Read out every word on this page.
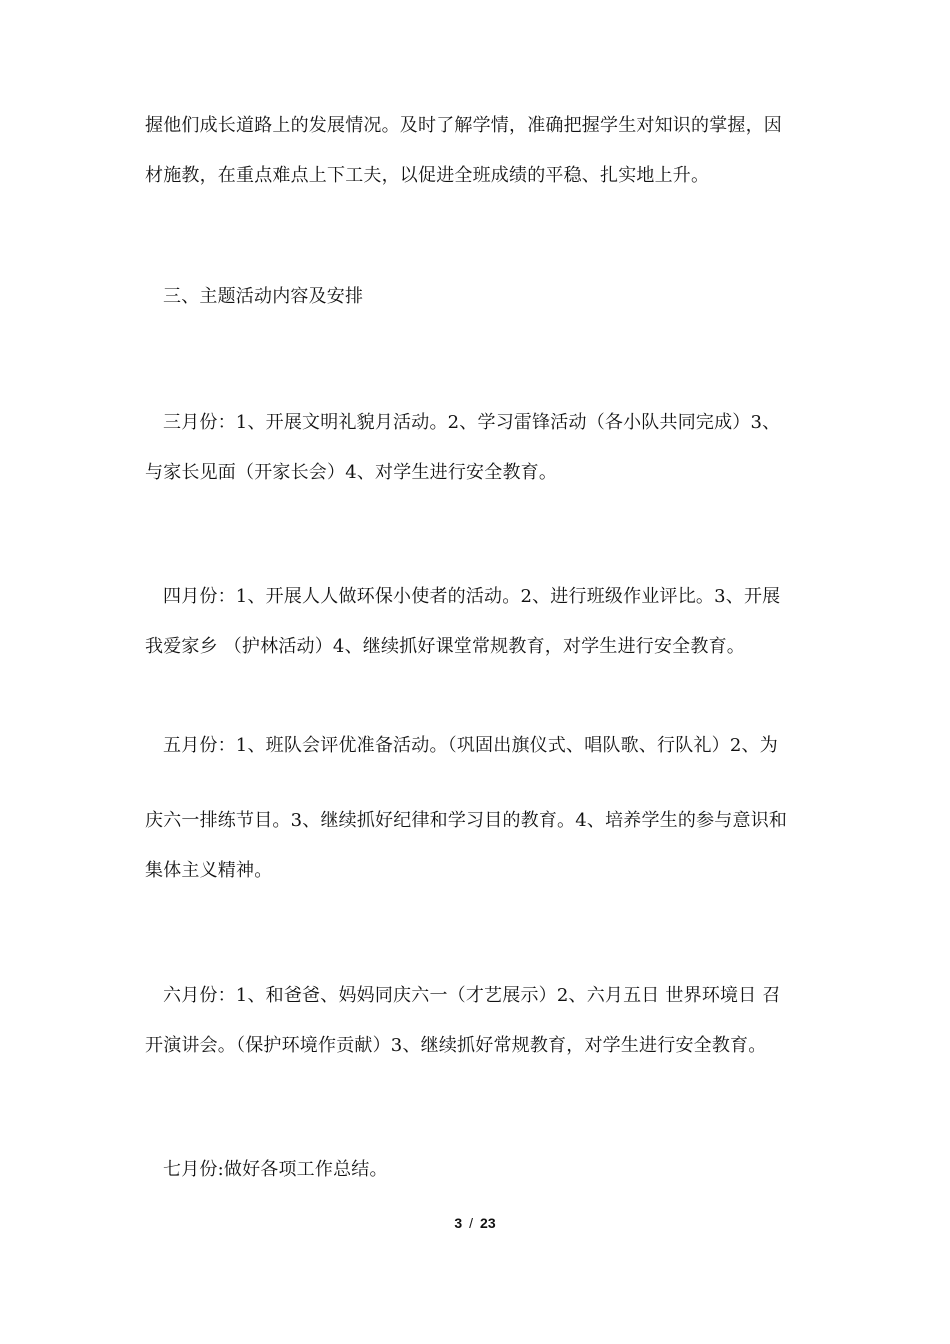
握他们成长道路上的发展情况。及时了解学情，准确把握学生对知识的掌握，因
材施教，在重点难点上下工夫，以促进全班成绩的平稳、扎实地上升。
三、主题活动内容及安排
三月份：1、开展文明礼貌月活动。2、学习雷锋活动（各小队共同完成）3、
与家长见面（开家长会）4、对学生进行安全教育。
四月份：1、开展人人做环保小使者的活动。2、进行班级作业评比。3、开展
我爱家乡 （护林活动）4、继续抓好课堂常规教育，对学生进行安全教育。
五月份：1、班队会评优准备活动。（巩固出旗仪式、唱队歌、行队礼）2、为
庆六一排练节目。3、继续抓好纪律和学习目的教育。4、培养学生的参与意识和
集体主义精神。
六月份：1、和爸爸、妈妈同庆六一（才艺展示）2、六月五日 世界环境日 召
开演讲会。（保护环境作贡献）3、继续抓好常规教育，对学生进行安全教育。
七月份:做好各项工作总结。
3 / 23
